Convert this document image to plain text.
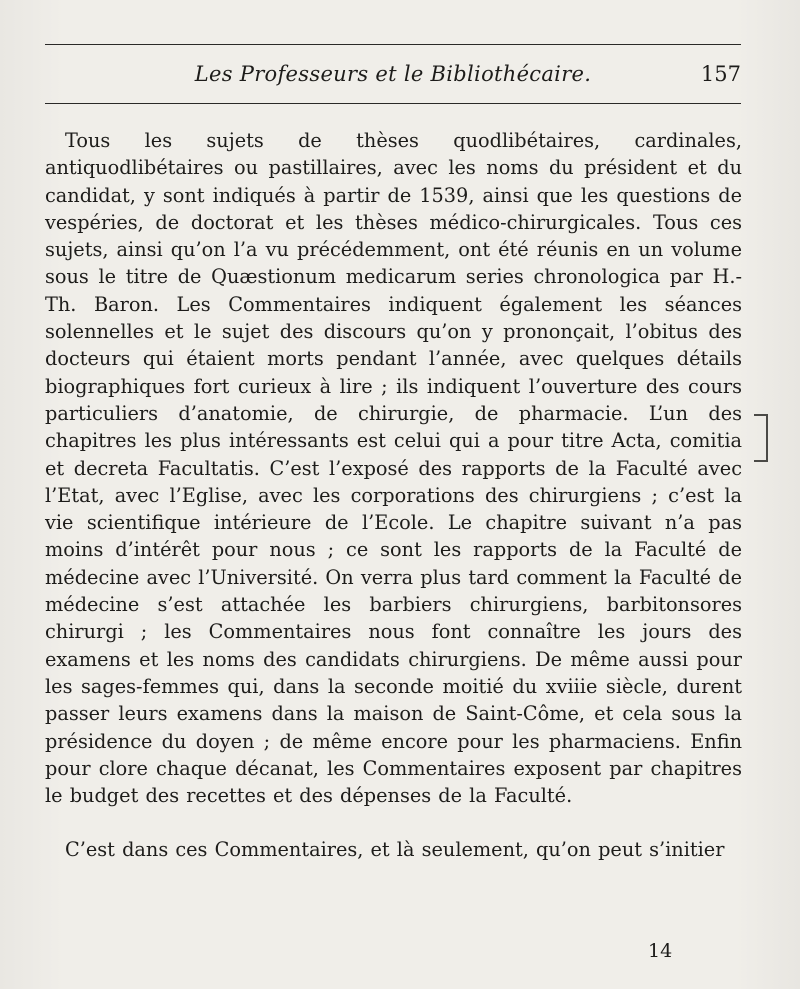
Les Professeurs et le Bibliothécaire.	157

Tous les sujets de thèses quodlibétaires, cardinales, antiquodlibétaires ou pastillaires, avec les noms du président et du candidat, y sont indiqués à partir de 1539, ainsi que les questions de vespéries, de doctorat et les thèses médico-chirurgicales. Tous ces sujets, ainsi qu’on l’a vu précédemment, ont été réunis en un volume sous le titre de Quæstionum medicarum series chronologica par H.-Th. Baron. Les Commentaires indiquent également les séances solennelles et le sujet des discours qu’on y prononçait, l’obitus des docteurs qui étaient morts pendant l’année, avec quelques détails biographiques fort curieux à lire ; ils indiquent l’ouverture des cours particuliers d’anatomie, de chirurgie, de pharmacie. L’un des chapitres les plus intéressants est celui qui a pour titre Acta, comitia et decreta Facultatis. C’est l’exposé des rapports de la Faculté avec l’Etat, avec l’Eglise, avec les corporations des chirurgiens ; c’est la vie scientifique intérieure de l’Ecole. Le chapitre suivant n’a pas moins d’intérêt pour nous ; ce sont les rapports de la Faculté de médecine avec l’Université. On verra plus tard comment la Faculté de médecine s’est attachée les barbiers chirurgiens, barbitonsores chirurgi ; les Commentaires nous font connaître les jours des examens et les noms des candidats chirurgiens. De même aussi pour les sages-femmes qui, dans la seconde moitié du xviiie siècle, durent passer leurs examens dans la maison de Saint-Côme, et cela sous la présidence du doyen ; de même encore pour les pharmaciens. Enfin pour clore chaque décanat, les Commentaires exposent par chapitres le budget des recettes et des dépenses de la Faculté.

C’est dans ces Commentaires, et là seulement, qu’on peut s’initier

14
